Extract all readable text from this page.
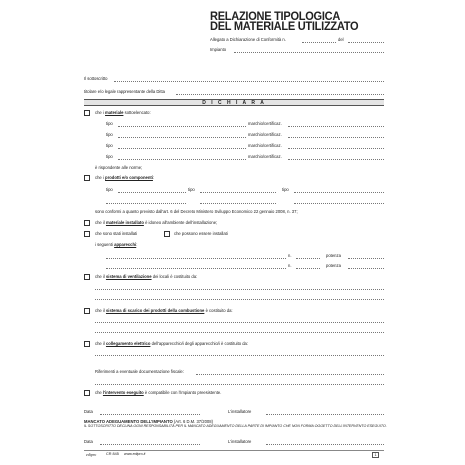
RELAZIONE TIPOLOGICA
DEL MATERIALE UTILIZZATO
Allegato a Dichiarazione di Conformità n.	del
Impianto
Il sottoscritto
titolare e/o legale rappresentante della Ditta
D I C H I A R A
che i materiale sottoelencato:
tipo	marchio/certificaz.
tipo	marchio/certificaz.
tipo	marchio/certificaz.
tipo	marchio/certificaz.
è rispondente alle norme;
che i prodotti e/o componenti:
tipo	tipo	tipo
sono conformi a quanto previsto dall'art. 6 del Decreto Ministero Sviluppo Economico 22 gennaio 2008, n. 37;
che il materiale installato è idoneo all'ambiente dell'installazione;
che sono stati installati	che possono essere installati
i seguenti apparecchi:
n.	potenza
n.	potenza
che il sistema di ventilazione dei locali è costituito da:
che il sistema di scarico dei prodotti della combustione è costituito da:
che il collegamento elettrico dell'apparecchio/i degli apparecchio/i è costituito da:
Riferimenti a eventuale documentazione fiscale:
che l'intervento eseguito è compatibile con l'impianto preesistente.
Data	L'installatore
MANCATO ADEGUAMENTO DELL'IMPIANTO (Art. 6 D.M. 37/2008)
IL SOTTOSCRITTO DECLINA OGNI RESPONSABILITÀ PER IL MANCATO ADEGUAMENTO DELLA PARTE DI IMPIANTO CHE NON FORMA OGGETTO DELL'INTERVENTO ESEGUITO.
Data	L'installatore
edipro	CR 845 www.edipro.it	1
